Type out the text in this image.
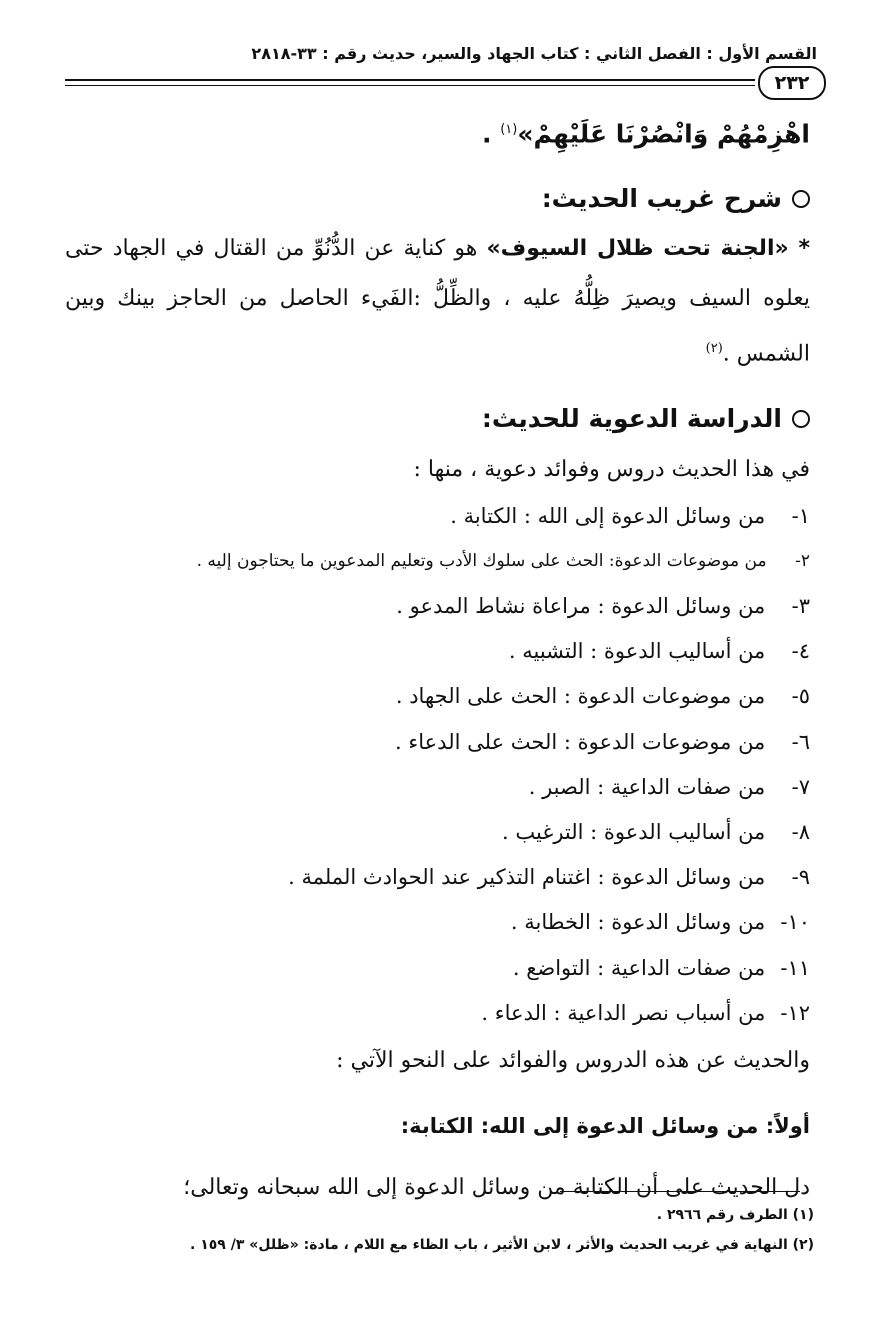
القسم الأول : الفصل الثاني : كتاب الجهاد والسير، حديث رقم : ٣٣-٢٨١٨
٢٣٢

اهْزِمْهُمْ وَانْصُرْنَا عَلَيْهِمْ»$^{(١)}$ .

شرح غريب الحديث:

* «الجنة تحت ظلال السيوف» هو كناية عن الدُّنُوِّ من القتال في الجهاد حتى يعلوه السيف ويصيرَ ظِلُّهُ عليه ، والظِّلُّ :الفَيء الحاصل من الحاجز بينك وبين الشمس .$^{(٢)}$

الدراسة الدعوية للحديث:

في هذا الحديث دروس وفوائد دعوية ، منها :

١- من وسائل الدعوة إلى الله : الكتابة .
٢- من موضوعات الدعوة: الحث على سلوك الأدب وتعليم المدعوين ما يحتاجون إليه .
٣- من وسائل الدعوة : مراعاة نشاط المدعو .
٤- من أساليب الدعوة : التشبيه .
٥- من موضوعات الدعوة : الحث على الجهاد .
٦- من موضوعات الدعوة : الحث على الدعاء .
٧- من صفات الداعية : الصبر .
٨- من أساليب الدعوة : الترغيب .
٩- من وسائل الدعوة : اغتنام التذكير عند الحوادث الملمة .
١٠- من وسائل الدعوة : الخطابة .
١١- من صفات الداعية : التواضع .
١٢- من أسباب نصر الداعية : الدعاء .

والحديث عن هذه الدروس والفوائد على النحو الآتي :

أولاً: من وسائل الدعوة إلى الله: الكتابة:

دل الحديث على أن الكتابة من وسائل الدعوة إلى الله سبحانه وتعالى؛

(١) الطرف رقم ٢٩٦٦ .

(٢) النهاية في غريب الحديث والأثر ، لابن الأثير ، باب الظاء مع اللام ، مادة: «ظلل» ٣/ ١٥٩ .
